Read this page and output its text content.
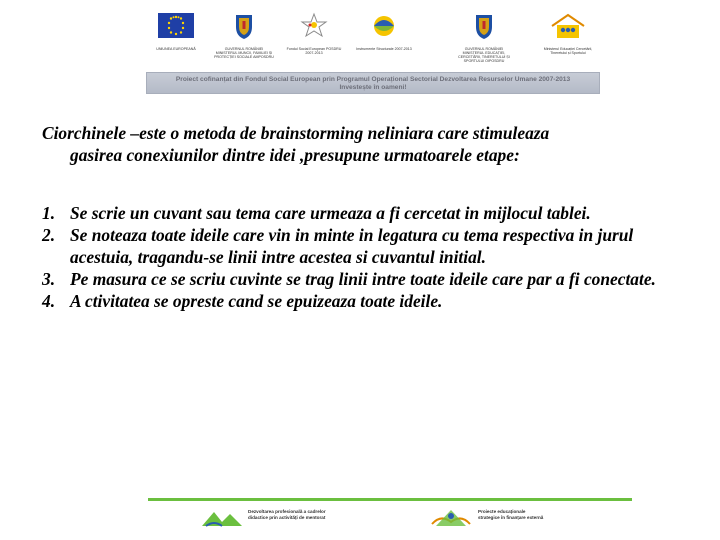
UNIUNEA EUROPEANĂ	GUVERNUL ROMÂNIEI MINISTERUL MUNCII, FAMILIEI ȘI PROTECȚIEI SOCIALE AMPOSDRU
Fondul Social European POSDRU 2007-2013
Instrumente Structurale 2007-2013	GUVERNUL ROMÂNIEI MINISTERUL EDUCAȚIEI, CERCETĂRII, TINERETULUI ȘI SPORTULUI OIPOSDRU
Ministerul Educației Cercetării, Tineretului și Sportului
Proiect cofinanțat din Fondul Social European prin Programul Operațional Sectorial Dezvoltarea Resurselor Umane 2007-2013
Investește în oameni!
Ciorchinele –este o metoda de brainstorming neliniara care stimuleaza
gasirea conexiunilor dintre idei ,presupune urmatoarele etape:
1. Se scrie un cuvant sau tema care urmeaza a fi cercetat in mijlocul tablei.
2. Se noteaza toate ideile care vin in minte in legatura cu tema respectiva in jurul acestuia, tragandu-se linii intre acestea si cuvantul initial.
3. Pe masura ce se scriu cuvinte se trag linii intre toate ideile care par a fi conectate.
4. A ctivitatea se opreste cand se epuizeaza toate ideile.
Dezvoltarea profesională a cadrelor
didactice prin activități de mentorat
Proiecte educaționale
strategice în finanțare externă
